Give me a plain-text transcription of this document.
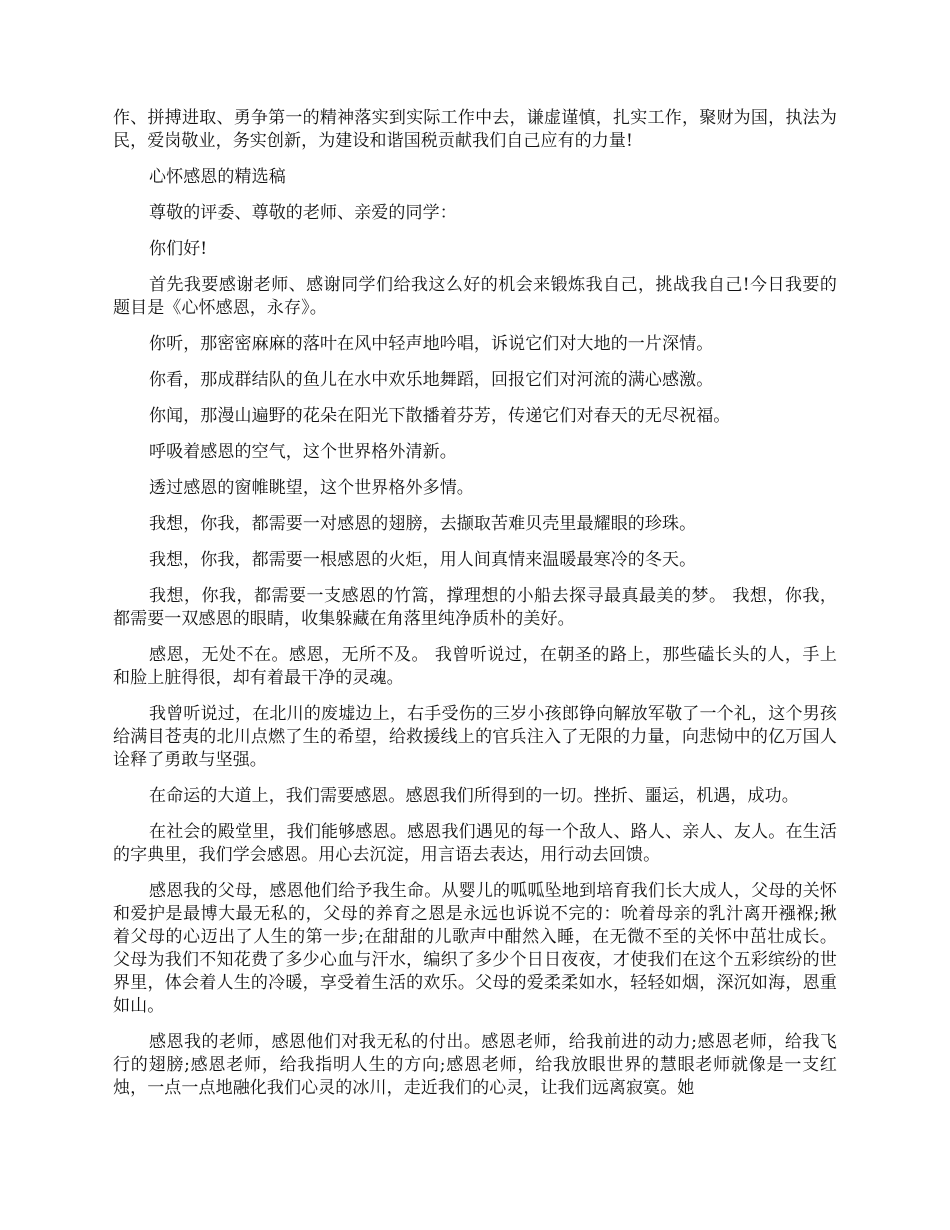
作、拼搏进取、勇争第一的精神落实到实际工作中去，谦虚谨慎，扎实工作，聚财为国，执法为民，爱岗敬业，务实创新，为建设和谐国税贡献我们自己应有的力量!

心怀感恩的精选稿

尊敬的评委、尊敬的老师、亲爱的同学：

你们好!

首先我要感谢老师、感谢同学们给我这么好的机会来锻炼我自己，挑战我自己!今日我要的题目是《心怀感恩，永存》。

你听，那密密麻麻的落叶在风中轻声地吟唱，诉说它们对大地的一片深情。

你看，那成群结队的鱼儿在水中欢乐地舞蹈，回报它们对河流的满心感激。

你闻，那漫山遍野的花朵在阳光下散播着芬芳，传递它们对春天的无尽祝福。

呼吸着感恩的空气，这个世界格外清新。

透过感恩的窗帷眺望，这个世界格外多情。

我想，你我，都需要一对感恩的翅膀，去撷取苦难贝壳里最耀眼的珍珠。

我想，你我，都需要一根感恩的火炬，用人间真情来温暖最寒冷的冬天。

我想，你我，都需要一支感恩的竹篙，撑理想的小船去探寻最真最美的梦。 我想，你我，都需要一双感恩的眼睛，收集躲藏在角落里纯净质朴的美好。

感恩，无处不在。感恩，无所不及。 我曾听说过，在朝圣的路上，那些磕长头的人，手上和脸上脏得很，却有着最干净的灵魂。

我曾听说过，在北川的废墟边上，右手受伤的三岁小孩郎铮向解放军敬了一个礼，这个男孩给满目苍夷的北川点燃了生的希望，给救援线上的官兵注入了无限的力量，向悲恸中的亿万国人诠释了勇敢与坚强。

在命运的大道上，我们需要感恩。感恩我们所得到的一切。挫折、噩运，机遇，成功。

在社会的殿堂里，我们能够感恩。感恩我们遇见的每一个敌人、路人、亲人、友人。在生活的字典里，我们学会感恩。用心去沉淀，用言语去表达，用行动去回馈。

感恩我的父母，感恩他们给予我生命。从婴儿的呱呱坠地到培育我们长大成人，父母的关怀和爱护是最博大最无私的，父母的养育之恩是永远也诉说不完的：吮着母亲的乳汁离开襁褓;揪着父母的心迈出了人生的第一步;在甜甜的儿歌声中酣然入睡，在无微不至的关怀中茁壮成长。父母为我们不知花费了多少心血与汗水，编织了多少个日日夜夜，才使我们在这个五彩缤纷的世界里，体会着人生的冷暖，享受着生活的欢乐。父母的爱柔柔如水，轻轻如烟，深沉如海，恩重如山。

感恩我的老师，感恩他们对我无私的付出。感恩老师，给我前进的动力;感恩老师，给我飞行的翅膀;感恩老师，给我指明人生的方向;感恩老师，给我放眼世界的慧眼老师就像是一支红烛，一点一点地融化我们心灵的冰川，走近我们的心灵，让我们远离寂寞。她
